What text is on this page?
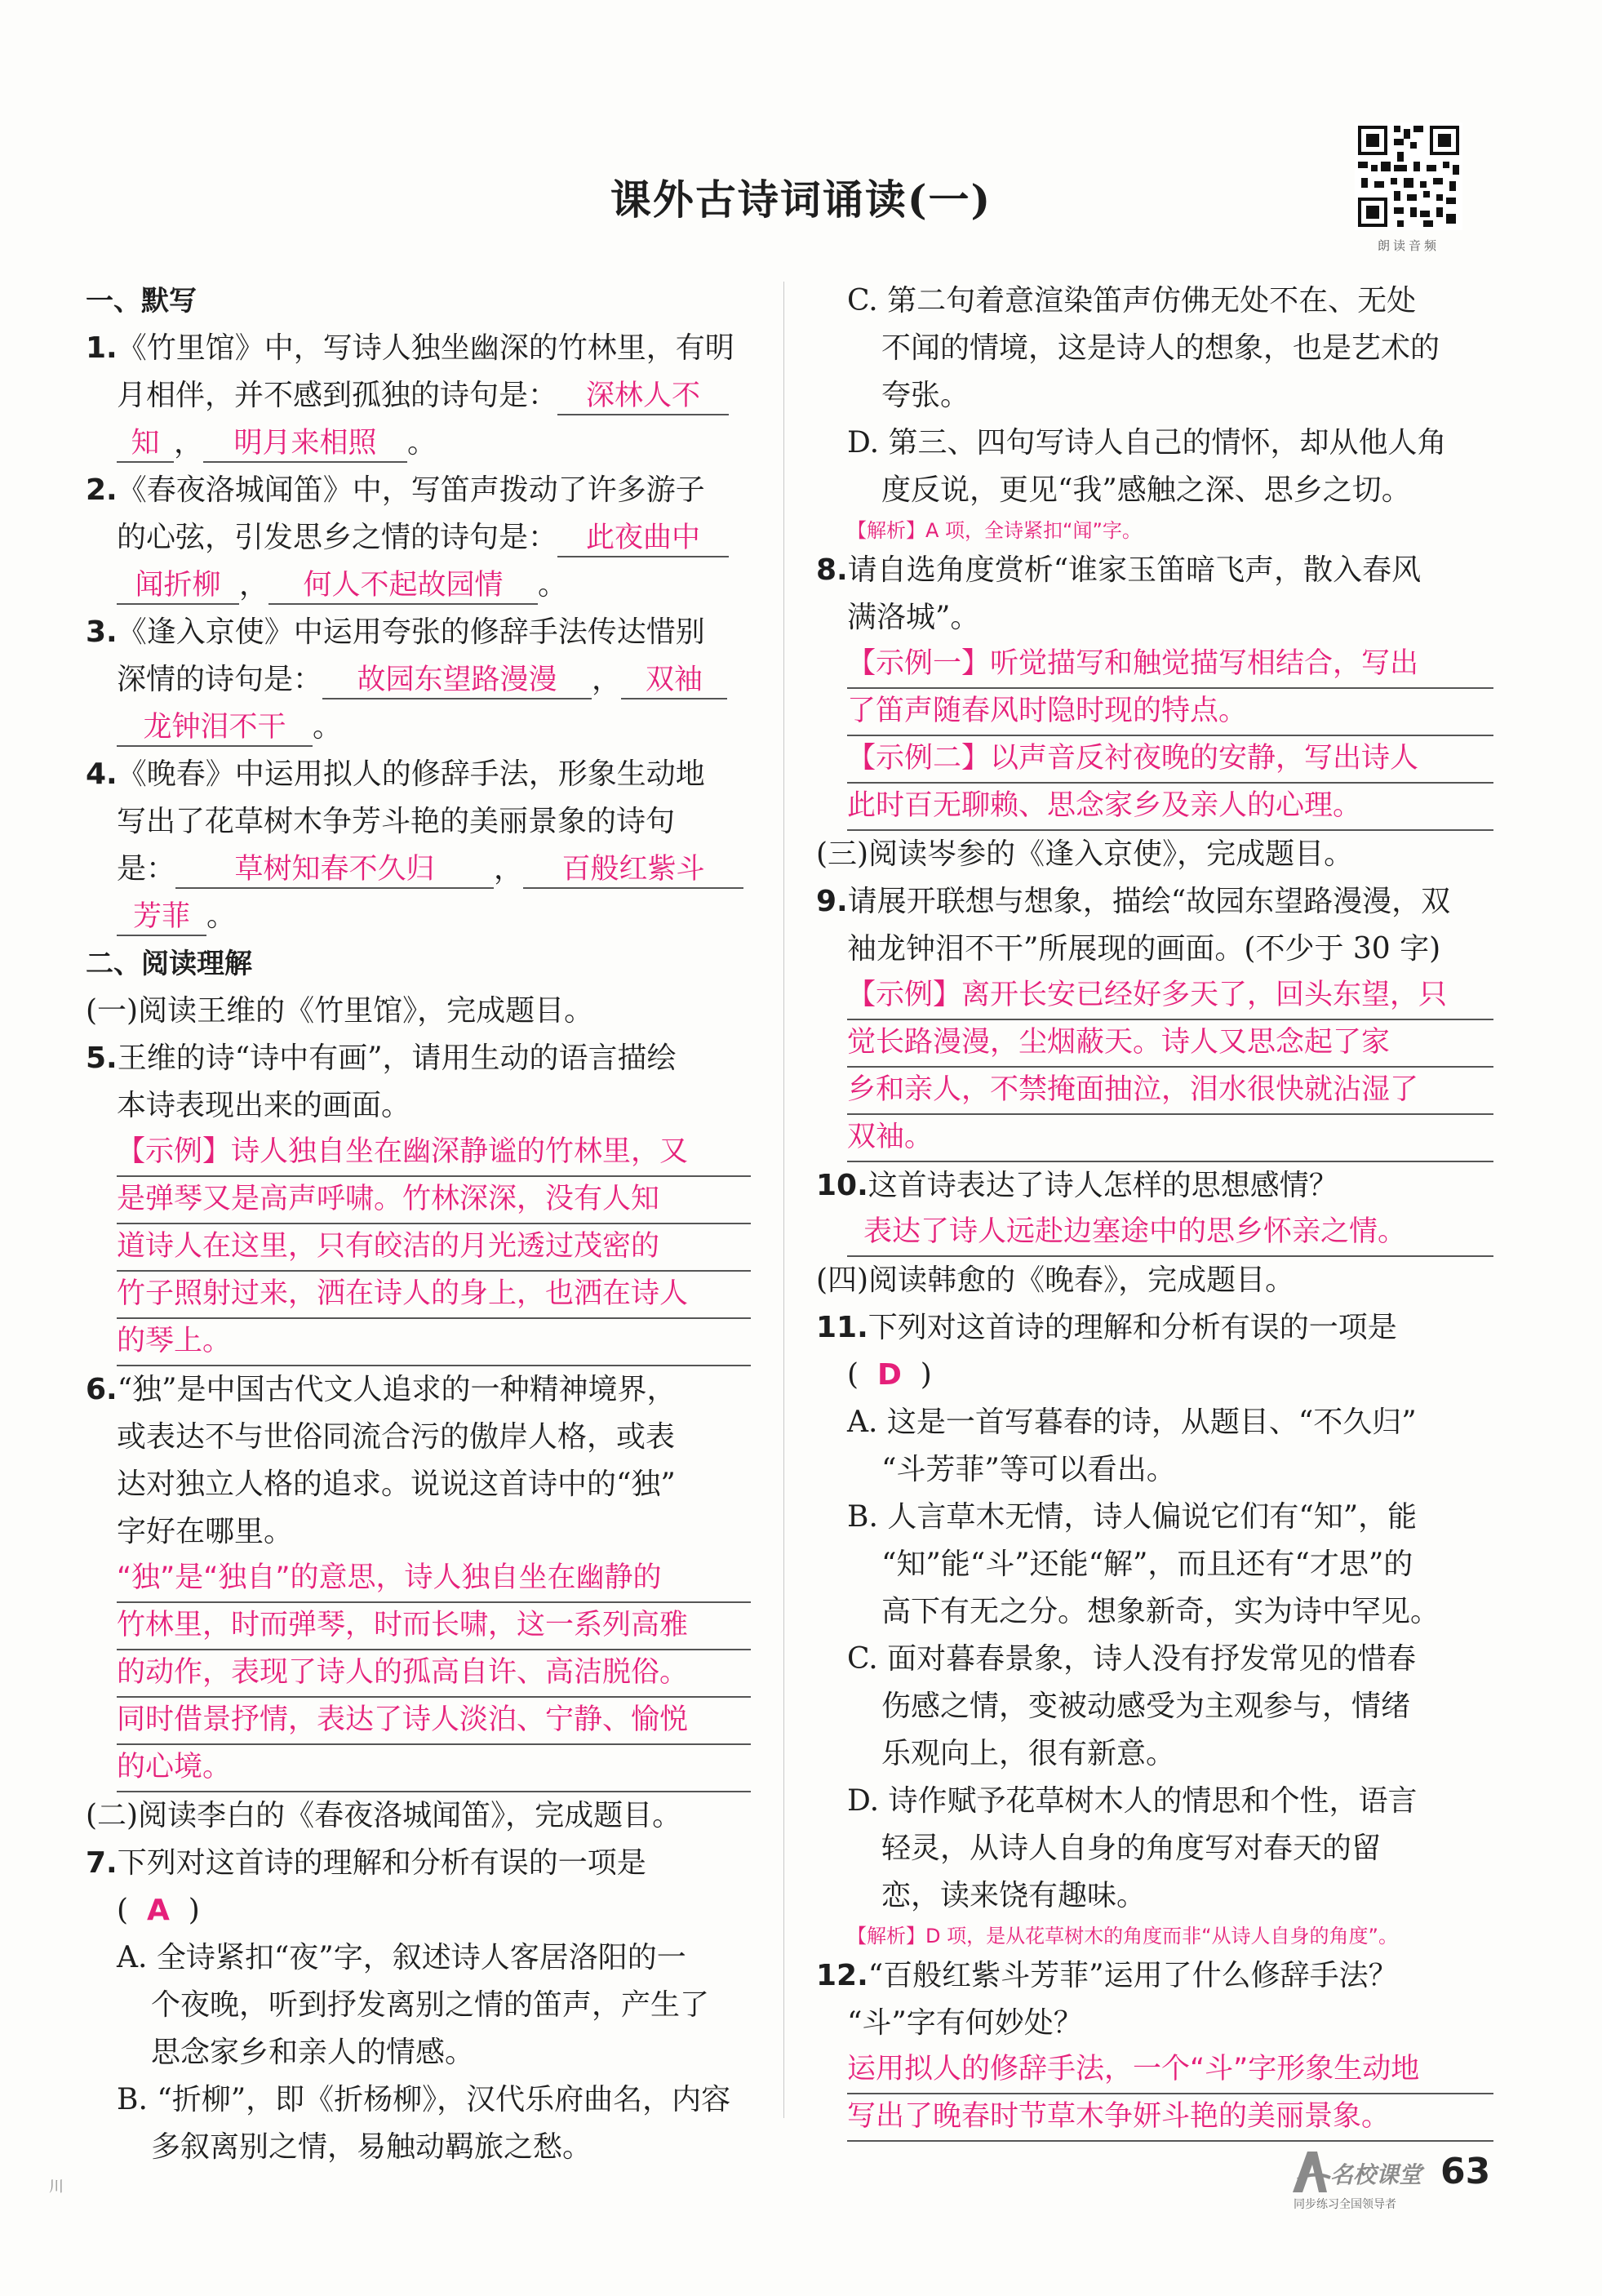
课外古诗词诵读(一)
朗读音频
一、默写
1.《竹里馆》中，写诗人独坐幽深的竹林里，有明
月相伴，并不感到孤独的诗句是： 深林人不
知 ， 明月来相照 。
2.《春夜洛城闻笛》中，写笛声拨动了许多游子
的心弦，引发思乡之情的诗句是： 此夜曲中
闻折柳 ， 何人不起故园情 。
3.《逢入京使》中运用夸张的修辞手法传达惜别
深情的诗句是： 故园东望路漫漫 ， 双袖
龙钟泪不干 。
4.《晚春》中运用拟人的修辞手法，形象生动地
写出了花草树木争芳斗艳的美丽景象的诗句
是： 草树知春不久归 ， 百般红紫斗
芳菲 。
二、阅读理解
(一)阅读王维的《竹里馆》，完成题目。
5.王维的诗“诗中有画”，请用生动的语言描绘
本诗表现出来的画面。
【示例】诗人独自坐在幽深静谧的竹林里，又
是弹琴又是高声呼啸。竹林深深，没有人知
道诗人在这里，只有皎洁的月光透过茂密的
竹子照射过来，洒在诗人的身上，也洒在诗人
的琴上。
6.“独”是中国古代文人追求的一种精神境界，
或表达不与世俗同流合污的傲岸人格，或表
达对独立人格的追求。说说这首诗中的“独”
字好在哪里。
“独”是“独自”的意思，诗人独自坐在幽静的
竹林里，时而弹琴，时而长啸，这一系列高雅
的动作，表现了诗人的孤高自许、高洁脱俗。
同时借景抒情，表达了诗人淡泊、宁静、愉悦
的心境。
(二)阅读李白的《春夜洛城闻笛》，完成题目。
7.下列对这首诗的理解和分析有误的一项是
(  A  )
A. 全诗紧扣“夜”字，叙述诗人客居洛阳的一
个夜晚，听到抒发离别之情的笛声，产生了
思念家乡和亲人的情感。
B. “折柳”，即《折杨柳》，汉代乐府曲名，内容
多叙离别之情，易触动羁旅之愁。
C. 第二句着意渲染笛声仿佛无处不在、无处
不闻的情境，这是诗人的想象，也是艺术的
夸张。
D. 第三、四句写诗人自己的情怀，却从他人角
度反说，更见“我”感触之深、思乡之切。
【解析】A 项，全诗紧扣“闻”字。
8.请自选角度赏析“谁家玉笛暗飞声，散入春风
满洛城”。
【示例一】听觉描写和触觉描写相结合，写出
了笛声随春风时隐时现的特点。
【示例二】以声音反衬夜晚的安静，写出诗人
此时百无聊赖、思念家乡及亲人的心理。
(三)阅读岑参的《逢入京使》，完成题目。
9.请展开联想与想象，描绘“故园东望路漫漫，双
袖龙钟泪不干”所展现的画面。(不少于 30 字)
【示例】离开长安已经好多天了，回头东望，只
觉长路漫漫，尘烟蔽天。诗人又思念起了家
乡和亲人，不禁掩面抽泣，泪水很快就沾湿了
双袖。
10.这首诗表达了诗人怎样的思想感情？
表达了诗人远赴边塞途中的思乡怀亲之情。
(四)阅读韩愈的《晚春》，完成题目。
11.下列对这首诗的理解和分析有误的一项是
(  D  )
A. 这是一首写暮春的诗，从题目、“不久归”
“斗芳菲”等可以看出。
B. 人言草木无情，诗人偏说它们有“知”，能
“知”能“斗”还能“解”，而且还有“才思”的
高下有无之分。想象新奇，实为诗中罕见。
C. 面对暮春景象，诗人没有抒发常见的惜春
伤感之情，变被动感受为主观参与，情绪
乐观向上，很有新意。
D. 诗作赋予花草树木人的情思和个性，语言
轻灵，从诗人自身的角度写对春天的留
恋，读来饶有趣味。
【解析】D 项，是从花草树木的角度而非“从诗人自身的角度”。
12.“百般红紫斗芳菲”运用了什么修辞手法？
“斗”字有何妙处？
运用拟人的修辞手法，一个“斗”字形象生动地
写出了晚春时节草木争妍斗艳的美丽景象。
川	名校课堂
同步练习全国领导者
63
